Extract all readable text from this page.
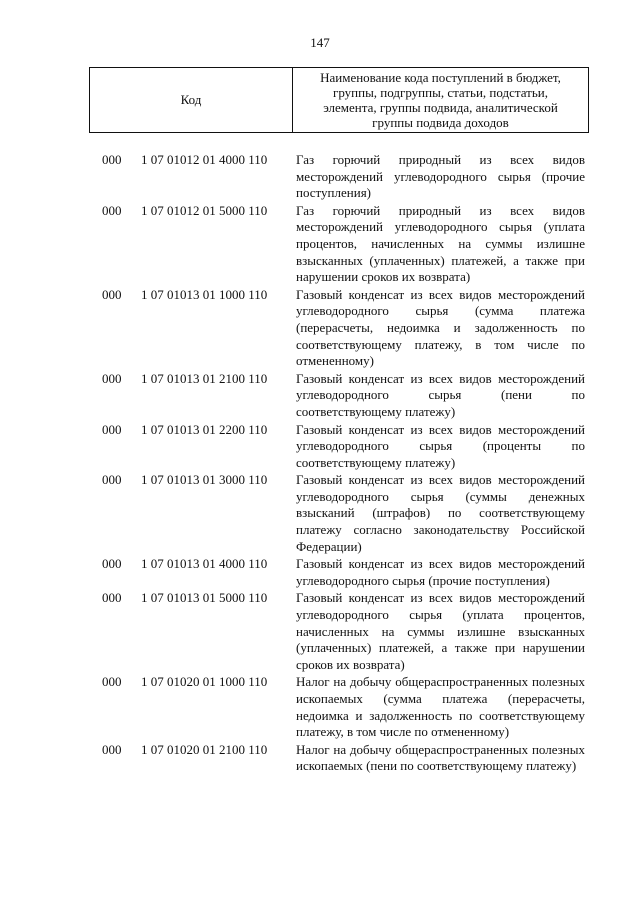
147
Код
Наименование кода поступлений в бюджет,
группы, подгруппы, статьи, подстатьи,
элемента, группы подвида, аналитической
группы подвида доходов
000 1 07 01012 01 4000 110 Газ горючий природный из всех видов месторождений углеводородного сырья (прочие поступления)
000 1 07 01012 01 5000 110 Газ горючий природный из всех видов месторождений углеводородного сырья (уплата процентов, начисленных на суммы излишне взысканных (уплаченных) платежей, а также при нарушении сроков их возврата)
000 1 07 01013 01 1000 110 Газовый конденсат из всех видов месторождений углеводородного сырья (сумма платежа (перерасчеты, недоимка и задолженность по соответствующему платежу, в том числе по отмененному)
000 1 07 01013 01 2100 110 Газовый конденсат из всех видов месторождений углеводородного сырья (пени по соответствующему платежу)
000 1 07 01013 01 2200 110 Газовый конденсат из всех видов месторождений углеводородного сырья (проценты по соответствующему платежу)
000 1 07 01013 01 3000 110 Газовый конденсат из всех видов месторождений углеводородного сырья (суммы денежных взысканий (штрафов) по соответствующему платежу согласно законодательству Российской Федерации)
000 1 07 01013 01 4000 110 Газовый конденсат из всех видов месторождений углеводородного сырья (прочие поступления)
000 1 07 01013 01 5000 110 Газовый конденсат из всех видов месторождений углеводородного сырья (уплата процентов, начисленных на суммы излишне взысканных (уплаченных) платежей, а также при нарушении сроков их возврата)
000 1 07 01020 01 1000 110 Налог на добычу общераспространенных полезных ископаемых (сумма платежа (перерасчеты, недоимка и задолженность по соответствующему платежу, в том числе по отмененному)
000 1 07 01020 01 2100 110 Налог на добычу общераспространенных полезных ископаемых (пени по соответствующему платежу)
